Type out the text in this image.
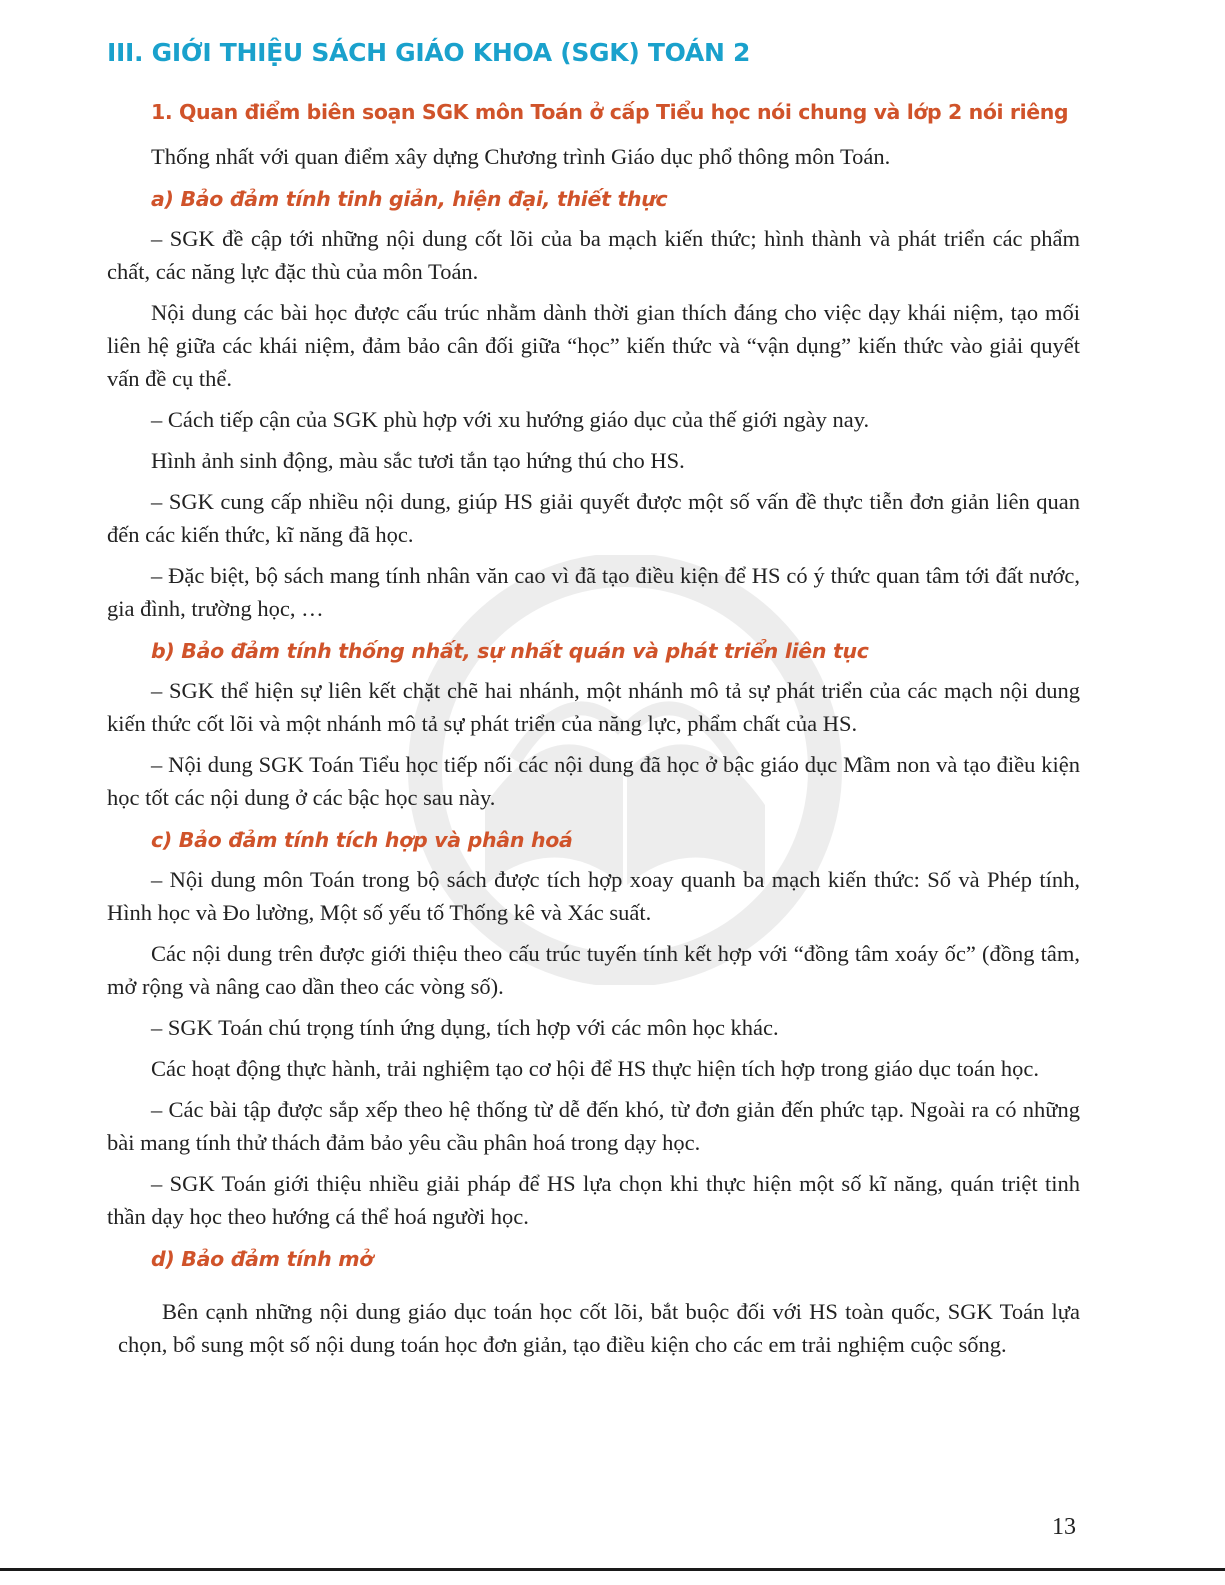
III. GIỚI THIỆU SÁCH GIÁO KHOA (SGK) TOÁN 2
1. Quan điểm biên soạn SGK môn Toán ở cấp Tiểu học nói chung và lớp 2 nói riêng

Thống nhất với quan điểm xây dựng Chương trình Giáo dục phổ thông môn Toán.

a) Bảo đảm tính tinh giản, hiện đại, thiết thực

– SGK đề cập tới những nội dung cốt lõi của ba mạch kiến thức; hình thành và phát triển các phẩm chất, các năng lực đặc thù của môn Toán.

Nội dung các bài học được cấu trúc nhằm dành thời gian thích đáng cho việc dạy khái niệm, tạo mối liên hệ giữa các khái niệm, đảm bảo cân đối giữa “học” kiến thức và “vận dụng” kiến thức vào giải quyết vấn đề cụ thể.

– Cách tiếp cận của SGK phù hợp với xu hướng giáo dục của thế giới ngày nay.

Hình ảnh sinh động, màu sắc tươi tắn tạo hứng thú cho HS.

– SGK cung cấp nhiều nội dung, giúp HS giải quyết được một số vấn đề thực tiễn đơn giản liên quan đến các kiến thức, kĩ năng đã học.

– Đặc biệt, bộ sách mang tính nhân văn cao vì đã tạo điều kiện để HS có ý thức quan tâm tới đất nước, gia đình, trường học, …

b) Bảo đảm tính thống nhất, sự nhất quán và phát triển liên tục

– SGK thể hiện sự liên kết chặt chẽ hai nhánh, một nhánh mô tả sự phát triển của các mạch nội dung kiến thức cốt lõi và một nhánh mô tả sự phát triển của năng lực, phẩm chất của HS.

– Nội dung SGK Toán Tiểu học tiếp nối các nội dung đã học ở bậc giáo dục Mầm non và tạo điều kiện học tốt các nội dung ở các bậc học sau này.

c) Bảo đảm tính tích hợp và phân hoá

– Nội dung môn Toán trong bộ sách được tích hợp xoay quanh ba mạch kiến thức: Số và Phép tính, Hình học và Đo lường, Một số yếu tố Thống kê và Xác suất.

Các nội dung trên được giới thiệu theo cấu trúc tuyến tính kết hợp với “đồng tâm xoáy ốc” (đồng tâm, mở rộng và nâng cao dần theo các vòng số).

– SGK Toán chú trọng tính ứng dụng, tích hợp với các môn học khác.

Các hoạt động thực hành, trải nghiệm tạo cơ hội để HS thực hiện tích hợp trong giáo dục toán học.

– Các bài tập được sắp xếp theo hệ thống từ dễ đến khó, từ đơn giản đến phức tạp. Ngoài ra có những bài mang tính thử thách đảm bảo yêu cầu phân hoá trong dạy học.

– SGK Toán giới thiệu nhiều giải pháp để HS lựa chọn khi thực hiện một số kĩ năng, quán triệt tinh thần dạy học theo hướng cá thể hoá người học.

d) Bảo đảm tính mở

Bên cạnh những nội dung giáo dục toán học cốt lõi, bắt buộc đối với HS toàn quốc, SGK Toán lựa chọn, bổ sung một số nội dung toán học đơn giản, tạo điều kiện cho các em trải nghiệm cuộc sống.

13
